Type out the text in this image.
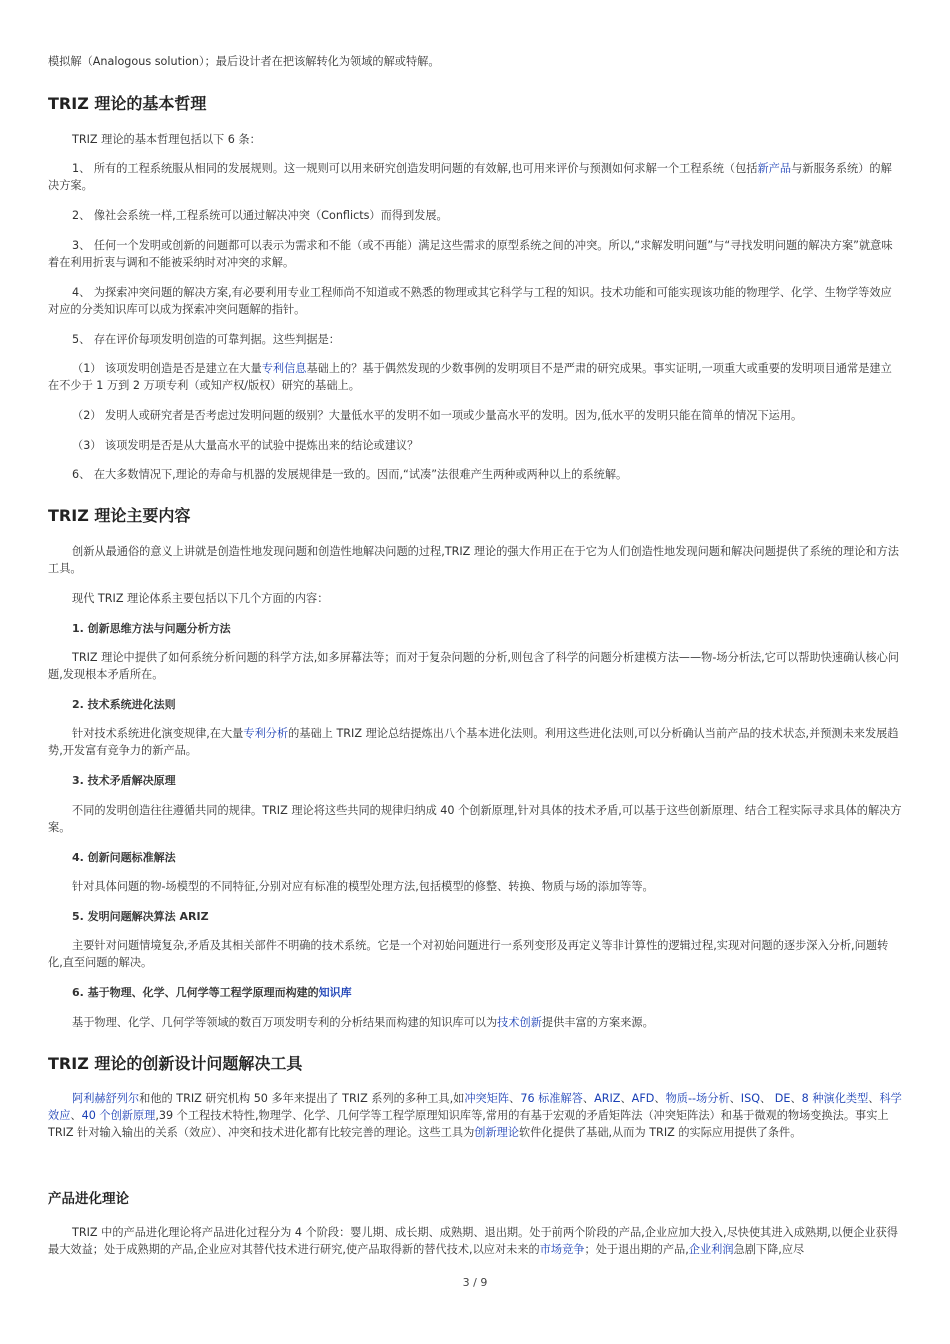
模拟解（Analogous solution）；最后设计者在把该解转化为领域的解或特解。

TRIZ 理论的基本哲理

TRIZ 理论的基本哲理包括以下 6 条：

1、 所有的工程系统服从相同的发展规则。这一规则可以用来研究创造发明问题的有效解,也可用来评价与预测如何求解一个工程系统（包括新产品与新服务系统）的解决方案。

2、 像社会系统一样,工程系统可以通过解决冲突（Conflicts）而得到发展。

3、 任何一个发明或创新的问题都可以表示为需求和不能（或不再能）满足这些需求的原型系统之间的冲突。所以,“求解发明问题”与“寻找发明问题的解决方案”就意味着在利用折衷与调和不能被采纳时对冲突的求解。

4、 为探索冲突问题的解决方案,有必要利用专业工程师尚不知道或不熟悉的物理或其它科学与工程的知识。技术功能和可能实现该功能的物理学、化学、生物学等效应对应的分类知识库可以成为探索冲突问题解的指针。

5、 存在评价每项发明创造的可靠判据。这些判据是：

（1） 该项发明创造是否是建立在大量专利信息基础上的？基于偶然发现的少数事例的发明项目不是严肃的研究成果。事实证明,一项重大或重要的发明项目通常是建立在不少于 1 万到 2 万项专利（或知产权/版权）研究的基础上。

（2） 发明人或研究者是否考虑过发明问题的级别？大量低水平的发明不如一项或少量高水平的发明。因为,低水平的发明只能在简单的情况下运用。

（3） 该项发明是否是从大量高水平的试验中提炼出来的结论或建议？

6、 在大多数情况下,理论的寿命与机器的发展规律是一致的。因而,“试凑”法很难产生两种或两种以上的系统解。

TRIZ 理论主要内容

创新从最通俗的意义上讲就是创造性地发现问题和创造性地解决问题的过程,TRIZ 理论的强大作用正在于它为人们创造性地发现问题和解决问题提供了系统的理论和方法工具。

现代 TRIZ 理论体系主要包括以下几个方面的内容：

1. 创新思维方法与问题分析方法

TRIZ 理论中提供了如何系统分析问题的科学方法,如多屏幕法等；而对于复杂问题的分析,则包含了科学的问题分析建模方法——物-场分析法,它可以帮助快速确认核心问题,发现根本矛盾所在。

2. 技术系统进化法则

针对技术系统进化演变规律,在大量专利分析的基础上 TRIZ 理论总结提炼出八个基本进化法则。利用这些进化法则,可以分析确认当前产品的技术状态,并预测未来发展趋势,开发富有竞争力的新产品。

3. 技术矛盾解决原理

不同的发明创造往往遵循共同的规律。TRIZ 理论将这些共同的规律归纳成 40 个创新原理,针对具体的技术矛盾,可以基于这些创新原理、结合工程实际寻求具体的解决方案。

4. 创新问题标准解法

针对具体问题的物-场模型的不同特征,分别对应有标准的模型处理方法,包括模型的修整、转换、物质与场的添加等等。

5. 发明问题解决算法 ARIZ

主要针对问题情境复杂,矛盾及其相关部件不明确的技术系统。它是一个对初始问题进行一系列变形及再定义等非计算性的逻辑过程,实现对问题的逐步深入分析,问题转化,直至问题的解决。

6. 基于物理、化学、几何学等工程学原理而构建的知识库

基于物理、化学、几何学等领域的数百万项发明专利的分析结果而构建的知识库可以为技术创新提供丰富的方案来源。

TRIZ 理论的创新设计问题解决工具

阿利赫舒列尔和他的 TRIZ 研究机构 50 多年来提出了 TRIZ 系列的多种工具,如冲突矩阵、76 标准解答、ARIZ、AFD、物质--场分析、ISQ、 DE、8 种演化类型、科学效应、40 个创新原理,39 个工程技术特性,物理学、化学、几何学等工程学原理知识库等,常用的有基于宏观的矛盾矩阵法（冲突矩阵法）和基于微观的物场变换法。事实上 TRIZ 针对输入输出的关系（效应）、冲突和技术进化都有比较完善的理论。这些工具为创新理论软件化提供了基础,从而为 TRIZ 的实际应用提供了条件。

产品进化理论

TRIZ 中的产品进化理论将产品进化过程分为 4 个阶段：婴儿期、成长期、成熟期、退出期。处于前两个阶段的产品,企业应加大投入,尽快使其进入成熟期,以便企业获得最大效益；处于成熟期的产品,企业应对其替代技术进行研究,使产品取得新的替代技术,以应对未来的市场竞争；处于退出期的产品,企业利润急剧下降,应尽

3 / 9
